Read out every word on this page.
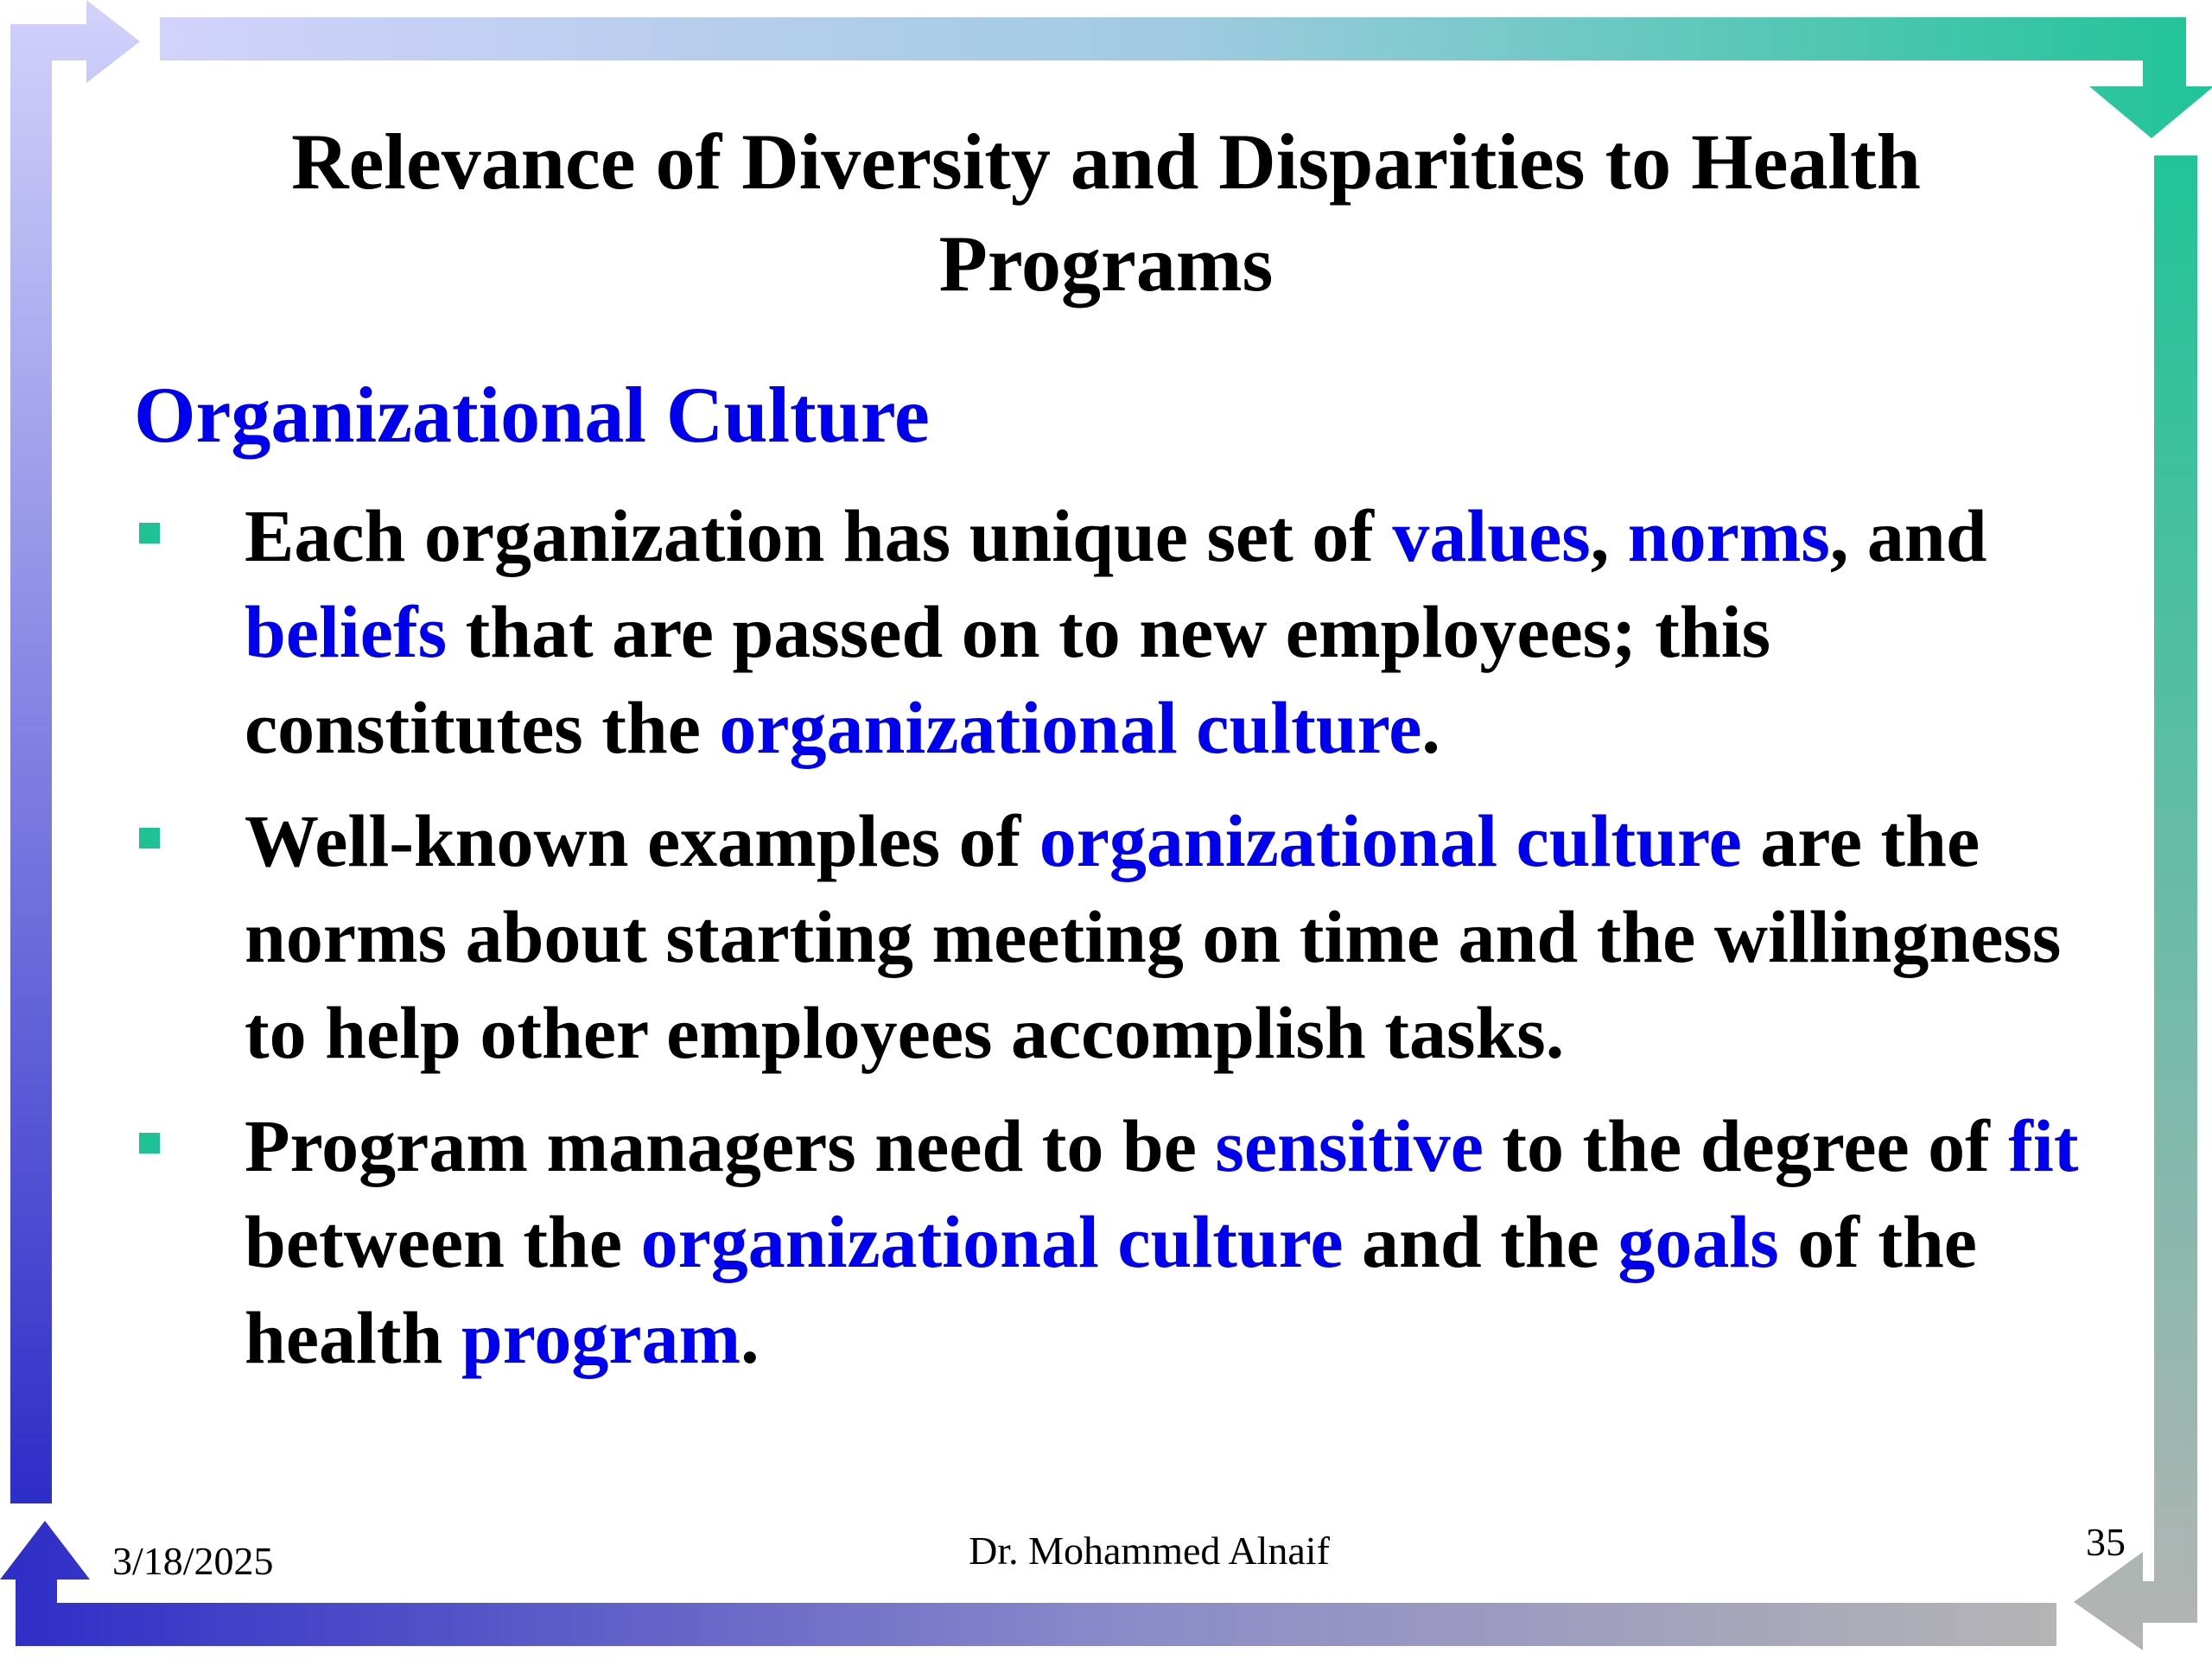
Relevance of Diversity and Disparities to Health Programs
Organizational Culture
Each organization has unique set of values, norms, and beliefs that are passed on to new employees; this constitutes the organizational culture.
Well-known examples of organizational culture are the norms about starting meeting on time and the willingness to help other employees accomplish tasks.
Program managers need to be sensitive to the degree of fit between the organizational culture and the goals of the health program.
3/18/2025	Dr. Mohammed Alnaif	35
